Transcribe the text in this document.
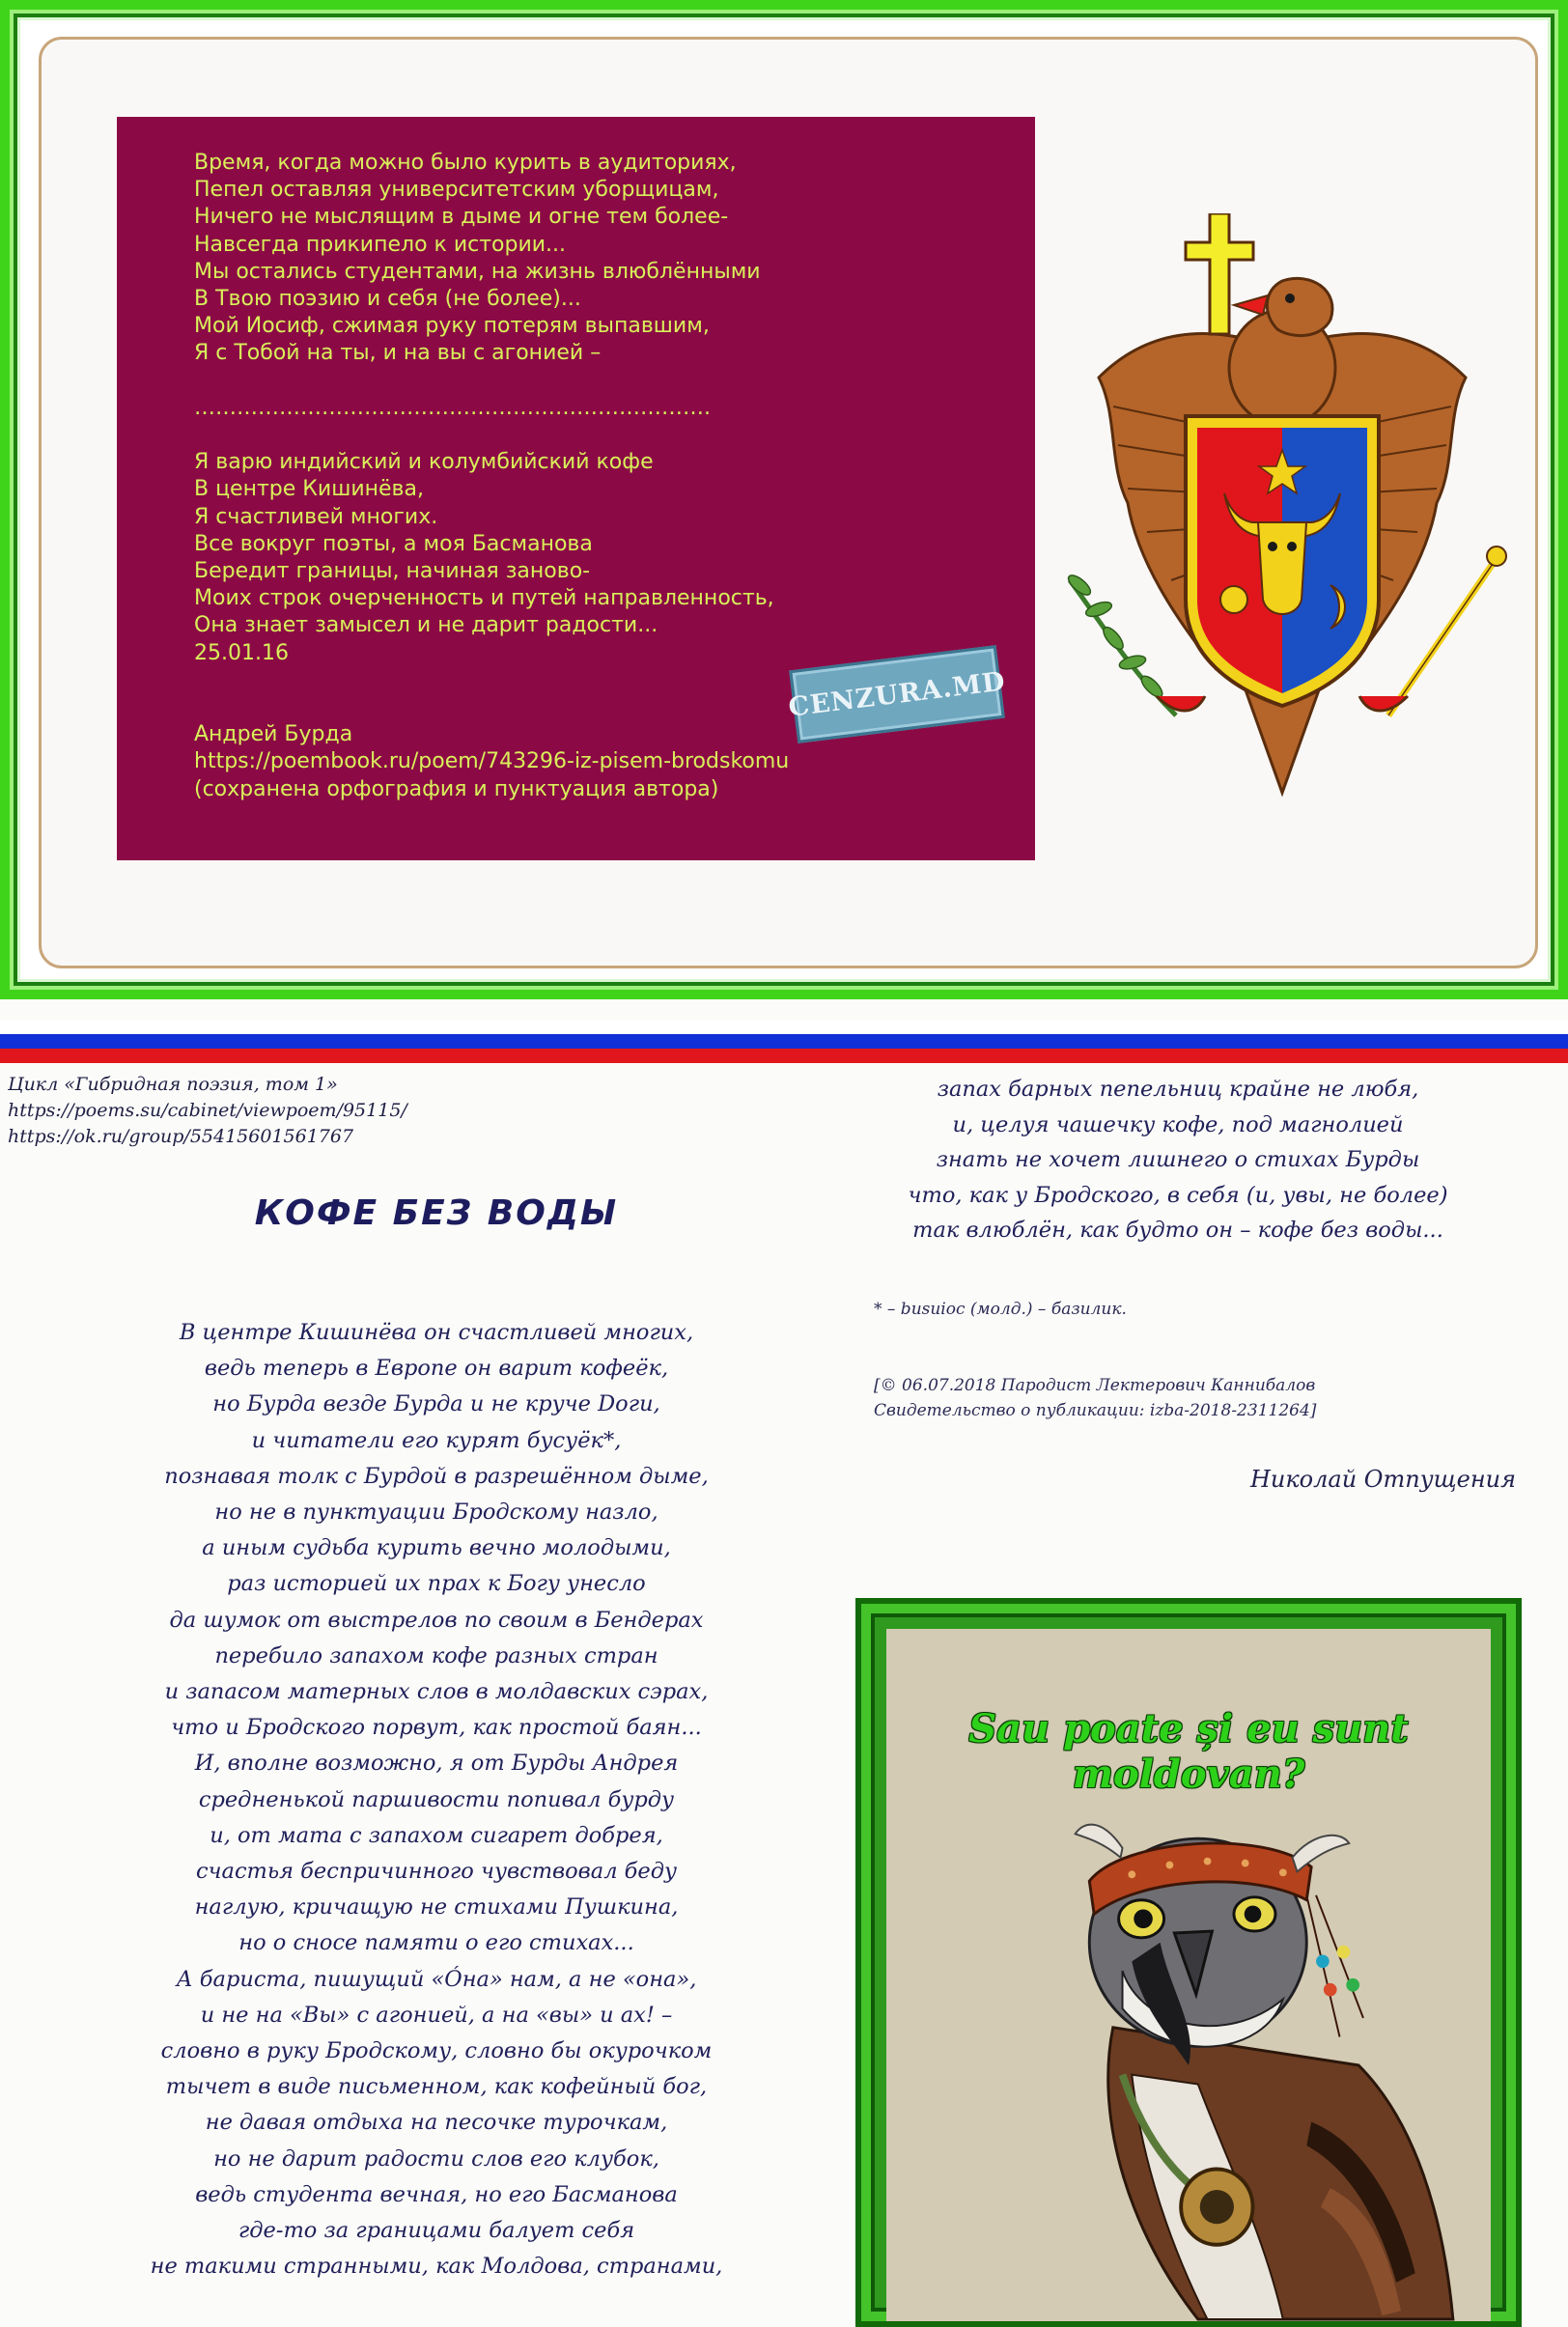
Время, когда можно было курить в аудиториях,
Пепел оставляя университетским уборщицам,
Ничего не мыслящим в дыме и огне тем более-
Навсегда прикипело к истории...
Мы остались студентами, на жизнь влюблёнными
В Твою поэзию и себя (не более)...
Мой Иосиф, сжимая руку потерям выпавшим,
Я с Тобой на ты, и на вы с агонией –

……………………………………………………………….

Я варю индийский и колумбийский кофе
В центре Кишинёва,
Я счастливей многих.
Все вокруг поэты, а моя Басманова
Бередит границы, начиная заново-
Моих строк очерченность и путей направленность,
Она знает замысел и не дарит радости...
25.01.16

Андрей Бурда
https://poembook.ru/poem/743296-iz-pisem-brodskomu
(сохранена орфография и пунктуация автора)
CENZURA.MD
Цикл «Гибридная поэзия, том 1»
https://poems.su/cabinet/viewpoem/95115/
https://ok.ru/group/55415601561767
КОФЕ БЕЗ ВОДЫ
В центре Кишинёва он счастливей многих,
ведь теперь в Европе он варит кофеёк,
но Бурда везде Бурда и не круче Dоги,
и читатели его курят бусуёк*,
познавая толк с Бурдой в разрешённом дыме,
но не в пунктуации Бродскому назло,
а иным судьба курить вечно молодыми,
раз историей их прах к Богу унесло
да шумок от выстрелов по своим в Бендерах
перебило запахом кофе разных стран
и запасом матерных слов в молдавских сэрах,
что и Бродского порвут, как простой баян...
И, вполне возможно, я от Бурды Андрея
средненькой паршивости попивал бурду
и, от мата с запахом сигарет добрея,
счастья беспричинного чувствовал беду
наглую, кричащую не стихами Пушкина,
но о сносе памяти о его стихах...
А бариста, пишущий «Óна» нам, а не «она»,
и не на «Вы» с агонией, а на «вы» и ах! –
словно в руку Бродскому, словно бы окурочком
тычет в виде письменном, как кофейный бог,
не давая отдыха на песочке турочкам,
но не дарит радости слов его клубок,
ведь студента вечная, но его Басманова
где-то за границами балует себя
не такими странными, как Молдова, странами,
запах барных пепельниц крайне не любя,
и, целуя чашечку кофе, под магнолией
знать не хочет лишнего о стихах Бурды
что, как у Бродского, в себя (и, увы, не более)
так влюблён, как будто он – кофе без воды...
* – busuioc (молд.) – базилик.
[© 06.07.2018 Пародист Лектерович Каннибалов
Свидетельство о публикации: izba-2018-2311264]
Николай Отпущения
Sau poate și eu sunt moldovan?
